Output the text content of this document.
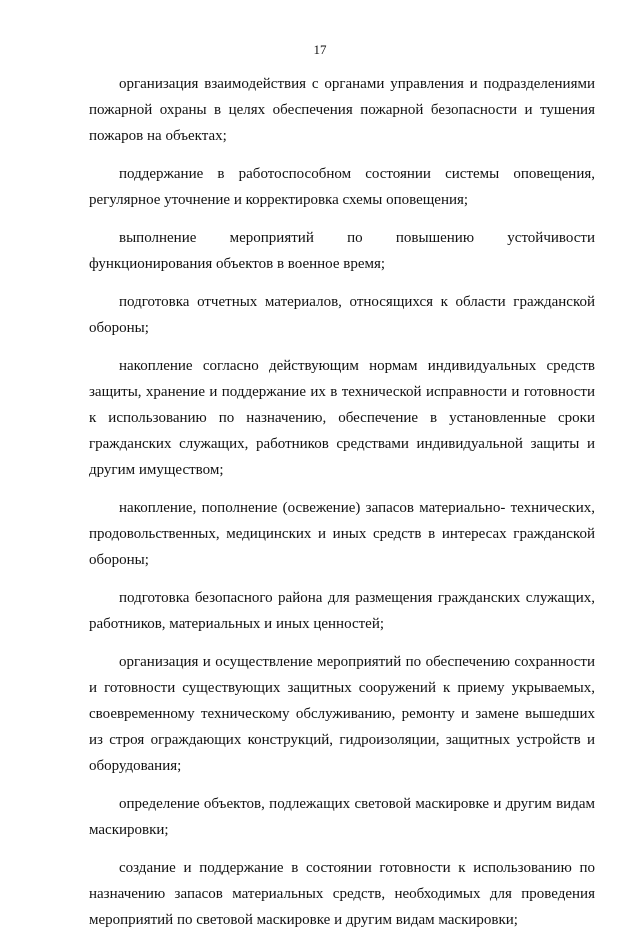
17

организация взаимодействия с органами управления и подразделениями пожарной охраны в целях обеспечения пожарной безопасности и тушения пожаров на объектах;

поддержание в работоспособном состоянии системы оповещения, регулярное уточнение и корректировка схемы оповещения;

выполнение мероприятий по повышению устойчивости функционирования объектов в военное время;

подготовка отчетных материалов, относящихся к области гражданской обороны;

накопление согласно действующим нормам индивидуальных средств защиты, хранение и поддержание их в технической исправности и готовности к использованию по назначению, обеспечение в установленные сроки гражданских служащих, работников средствами индивидуальной защиты и другим имуществом;

накопление, пополнение (освежение) запасов материально- технических, продовольственных, медицинских и иных средств в интересах гражданской обороны;

подготовка безопасного района для размещения гражданских служащих, работников, материальных и иных ценностей;

организация и осуществление мероприятий по обеспечению сохранности и готовности существующих защитных сооружений к приему укрываемых, своевременному техническому обслуживанию, ремонту и замене вышедших из строя ограждающих конструкций, гидроизоляции, защитных устройств и оборудования;

определение объектов, подлежащих световой маскировке и другим видам маскировки;

создание и поддержание в состоянии готовности к использованию по назначению запасов материальных средств, необходимых для проведения мероприятий по световой маскировке и другим видам маскировки;
